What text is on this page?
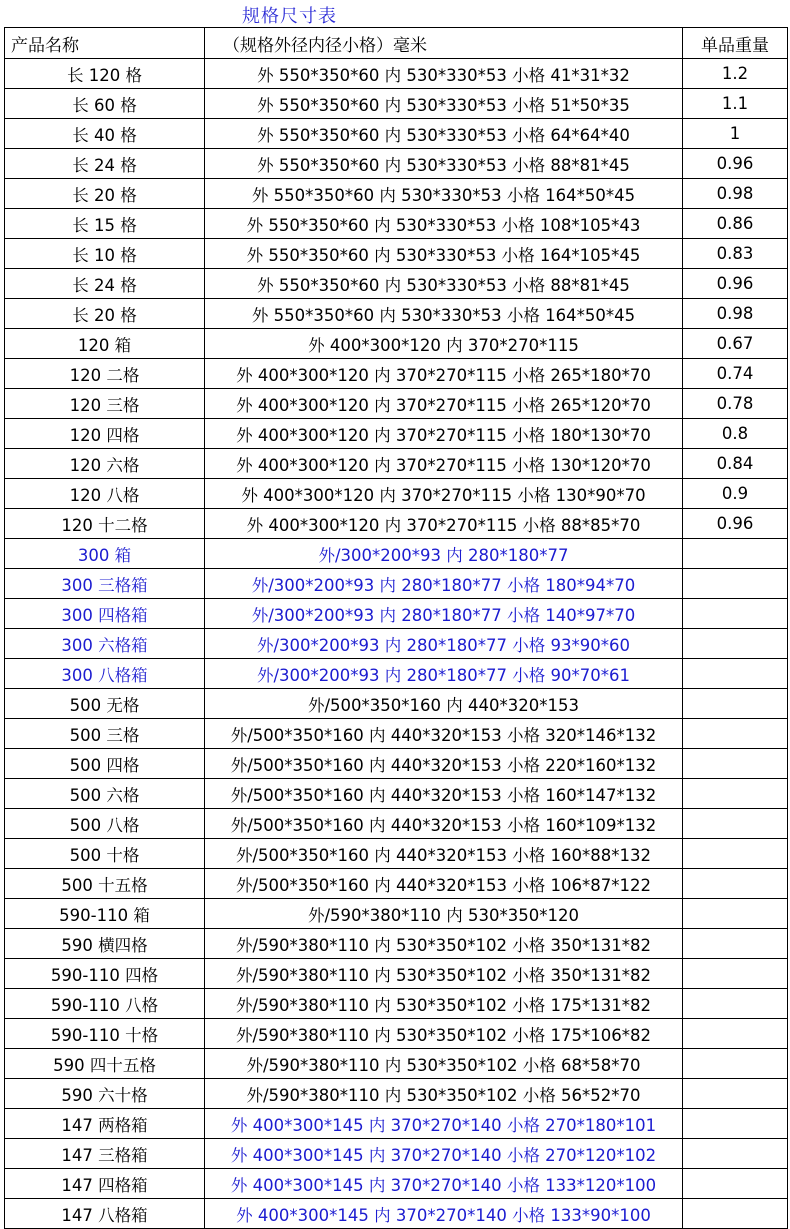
规格尺寸表
产品名称	（规格外径内径小格）毫米	单品重量
长 120 格	外 550*350*60 内 530*330*53 小格 41*31*32	1.2
长 60 格	外 550*350*60 内 530*330*53 小格 51*50*35	1.1
长 40 格	外 550*350*60 内 530*330*53 小格 64*64*40	1
长 24 格	外 550*350*60 内 530*330*53 小格 88*81*45	0.96
长 20 格	外 550*350*60 内 530*330*53 小格 164*50*45	0.98
长 15 格	外 550*350*60 内 530*330*53 小格 108*105*43	0.86
长 10 格	外 550*350*60 内 530*330*53 小格 164*105*45	0.83
长 24 格	外 550*350*60 内 530*330*53 小格 88*81*45	0.96
长 20 格	外 550*350*60 内 530*330*53 小格 164*50*45	0.98
120 箱	外 400*300*120 内 370*270*115	0.67
120 二格	外 400*300*120 内 370*270*115 小格 265*180*70	0.74
120 三格	外 400*300*120 内 370*270*115 小格 265*120*70	0.78
120 四格	外 400*300*120 内 370*270*115 小格 180*130*70	0.8
120 六格	外 400*300*120 内 370*270*115 小格 130*120*70	0.84
120 八格	外 400*300*120 内 370*270*115 小格 130*90*70	0.9
120 十二格	外 400*300*120 内 370*270*115 小格 88*85*70	0.96
300 箱	外/300*200*93 内 280*180*77	
300 三格箱	外/300*200*93 内 280*180*77 小格 180*94*70	
300 四格箱	外/300*200*93 内 280*180*77 小格 140*97*70	
300 六格箱	外/300*200*93 内 280*180*77 小格 93*90*60	
300 八格箱	外/300*200*93 内 280*180*77 小格 90*70*61	
500 无格	外/500*350*160 内 440*320*153	
500 三格	外/500*350*160 内 440*320*153 小格 320*146*132	
500 四格	外/500*350*160 内 440*320*153 小格 220*160*132	
500 六格	外/500*350*160 内 440*320*153 小格 160*147*132	
500 八格	外/500*350*160 内 440*320*153 小格 160*109*132	
500 十格	外/500*350*160 内 440*320*153 小格 160*88*132	
500 十五格	外/500*350*160 内 440*320*153 小格 106*87*122	
590-110 箱	外/590*380*110 内 530*350*120	
590 横四格	外/590*380*110 内 530*350*102 小格 350*131*82	
590-110 四格	外/590*380*110 内 530*350*102 小格 350*131*82	
590-110 八格	外/590*380*110 内 530*350*102 小格 175*131*82	
590-110 十格	外/590*380*110 内 530*350*102 小格 175*106*82	
590 四十五格	外/590*380*110 内 530*350*102 小格 68*58*70	
590 六十格	外/590*380*110 内 530*350*102 小格 56*52*70	
147 两格箱	外 400*300*145 内 370*270*140 小格 270*180*101	
147 三格箱	外 400*300*145 内 370*270*140 小格 270*120*102	
147 四格箱	外 400*300*145 内 370*270*140 小格 133*120*100	
147 八格箱	外 400*300*145 内 370*270*140 小格 133*90*100	
